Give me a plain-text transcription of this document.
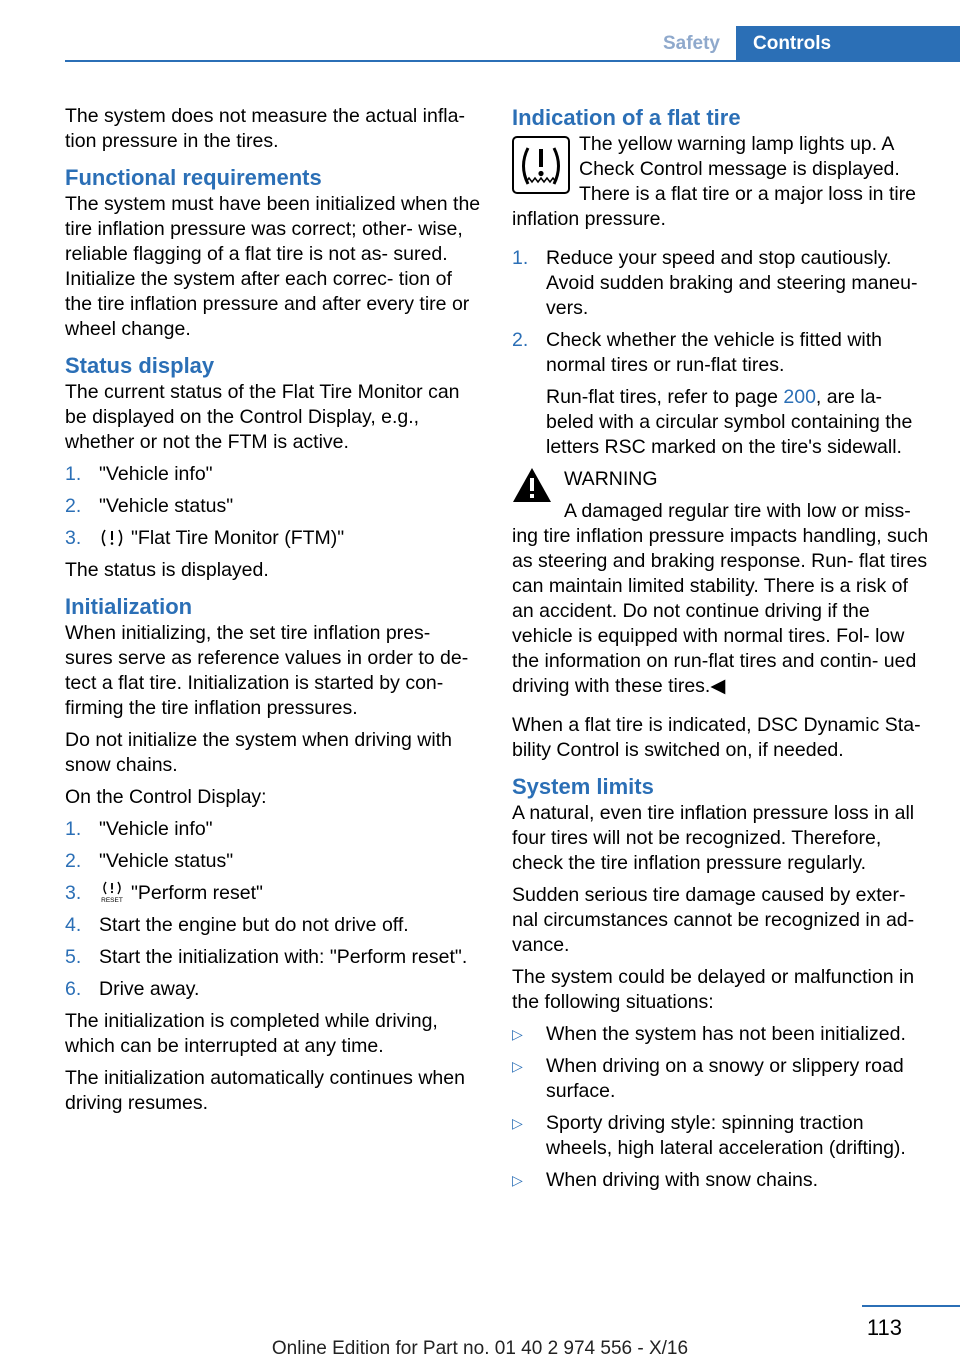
Safety	Controls

The system does not measure the actual infla‐ tion pressure in the tires.

Functional requirements

The system must have been initialized when the tire inflation pressure was correct; other‐ wise, reliable flagging of a flat tire is not as‐ sured. Initialize the system after each correc‐ tion of the tire inflation pressure and after every tire or wheel change.

Status display

The current status of the Flat Tire Monitor can be displayed on the Control Display, e.g., whether or not the FTM is active.

1. "Vehicle info"
2. "Vehicle status"
3.	"Flat Tire Monitor (FTM)"

The status is displayed.

Initialization

When initializing, the set tire inflation pres‐ sures serve as reference values in order to de‐ tect a flat tire. Initialization is started by con‐ firming the tire inflation pressures.

Do not initialize the system when driving with snow chains.

On the Control Display:

1. "Vehicle info"
2. "Vehicle status"
3.	RESET "Perform reset"
4. Start the engine but do not drive off.
5. Start the initialization with: "Perform reset".
6. Drive away.

The initialization is completed while driving, which can be interrupted at any time.

The initialization automatically continues when driving resumes.

Indication of a flat tire

The yellow warning lamp lights up. A Check Control message is displayed.

There is a flat tire or a major loss in tire inflation pressure.

1. Reduce your speed and stop cautiously. Avoid sudden braking and steering maneu‐ vers.
2. Check whether the vehicle is fitted with normal tires or run-flat tires.
Run-flat tires, refer to page 200, are la‐ beled with a circular symbol containing the letters RSC marked on the tire's sidewall.

WARNING

A damaged regular tire with low or miss‐

ing tire inflation pressure impacts handling, such as steering and braking response. Run- flat tires can maintain limited stability. There is a risk of an accident. Do not continue driving if the vehicle is equipped with normal tires. Fol‐ low the information on run-flat tires and contin‐ ued driving with these tires.◀

When a flat tire is indicated, DSC Dynamic Sta‐ bility Control is switched on, if needed.

System limits

A natural, even tire inflation pressure loss in all four tires will not be recognized. Therefore, check the tire inflation pressure regularly.

Sudden serious tire damage caused by exter‐ nal circumstances cannot be recognized in ad‐ vance.

The system could be delayed or malfunction in the following situations:

▷ When the system has not been initialized.
▷ When driving on a snowy or slippery road surface.
▷ Sporty driving style: spinning traction wheels, high lateral acceleration (drifting).
▷ When driving with snow chains.
113
Online Edition for Part no. 01 40 2 974 556 - X/16
